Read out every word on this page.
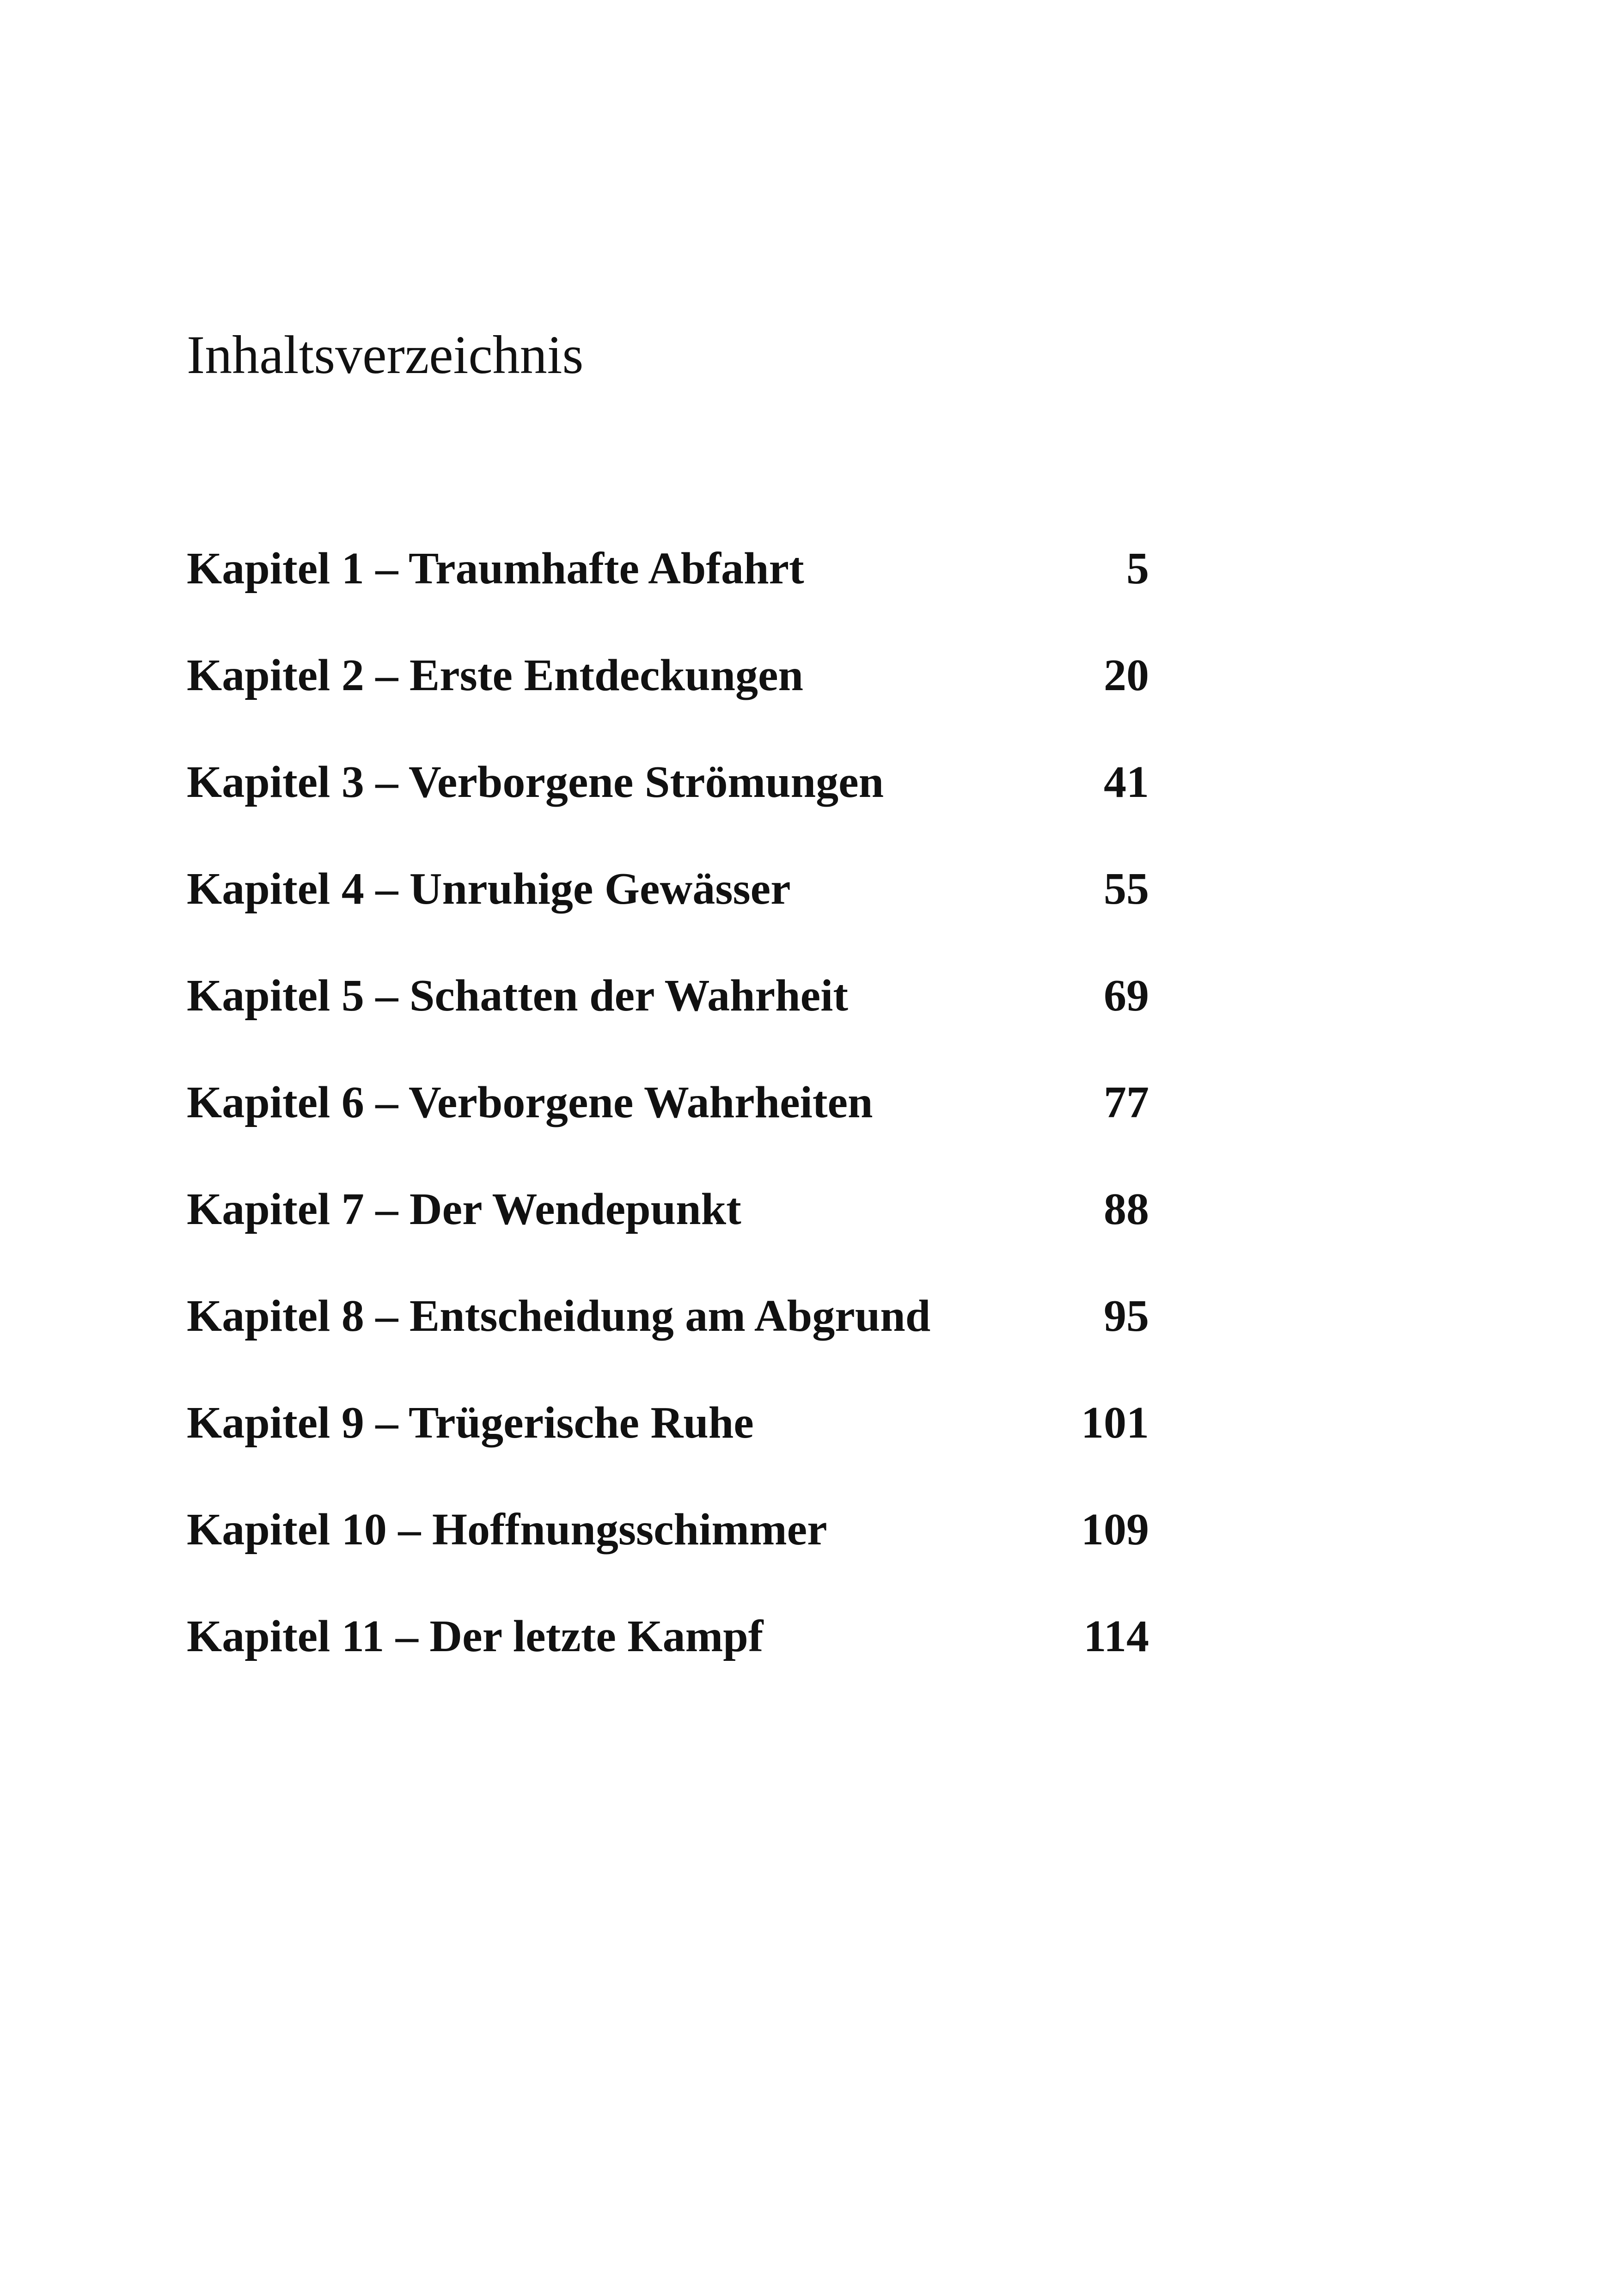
Inhaltsverzeichnis
Kapitel 1 – Traumhafte Abfahrt	5
Kapitel 2 – Erste Entdeckungen	20
Kapitel 3 – Verborgene Strömungen	41
Kapitel 4 – Unruhige Gewässer	55
Kapitel 5 – Schatten der Wahrheit	69
Kapitel 6 – Verborgene Wahrheiten	77
Kapitel 7 – Der Wendepunkt	88
Kapitel 8 – Entscheidung am Abgrund	95
Kapitel 9 – Trügerische Ruhe	101
Kapitel 10 – Hoffnungsschimmer	109
Kapitel 11 – Der letzte Kampf	114
